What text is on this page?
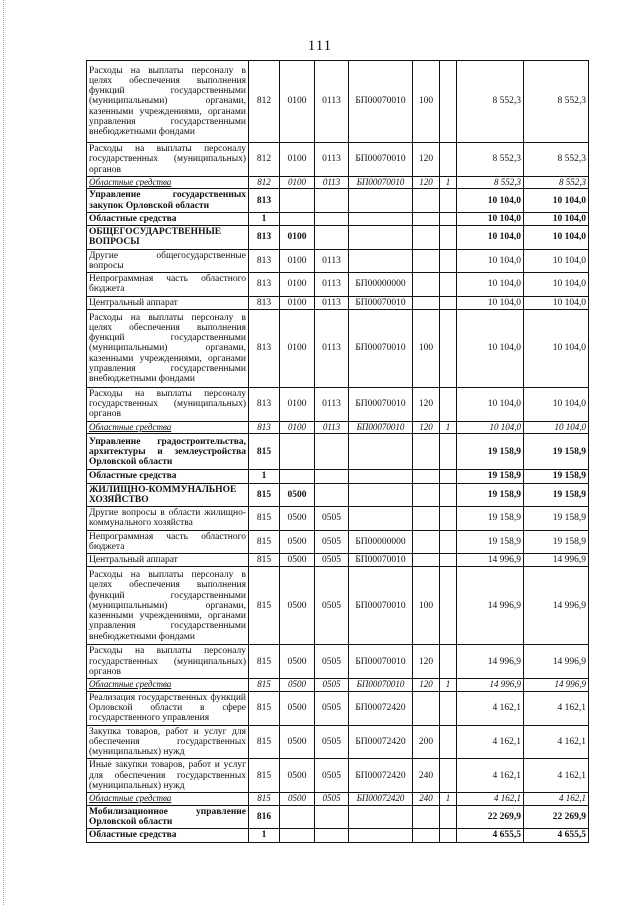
111
Расходы на выплаты персоналу в целях обеспечения выполнения функций государственными (муниципальными) органами, казенными учреждениями, органами управления государственными внебюджетными фондами	812	0100	0113	БП00070010	100		8 552,3	8 552,3
Расходы на выплаты персоналу государственных (муниципальных) органов	812	0100	0113	БП00070010	120		8 552,3	8 552,3
Областные средства	812	0100	0113	БП00070010	120	1	8 552,3	8 552,3
Управление государственных закупок Орловской области	813						10 104,0	10 104,0
Областные средства	1						10 104,0	10 104,0
ОБЩЕГОСУДАРСТВЕННЫЕ ВОПРОСЫ	813	0100					10 104,0	10 104,0
Другие общегосударственные вопросы	813	0100	0113				10 104,0	10 104,0
Непрограммная часть областного бюджета	813	0100	0113	БП00000000			10 104,0	10 104,0
Центральный аппарат	813	0100	0113	БП00070010			10 104,0	10 104,0
Расходы на выплаты персоналу в целях обеспечения выполнения функций государственными (муниципальными) органами, казенными учреждениями, органами управления государственными внебюджетными фондами	813	0100	0113	БП00070010	100		10 104,0	10 104,0
Расходы на выплаты персоналу государственных (муниципальных) органов	813	0100	0113	БП00070010	120		10 104,0	10 104,0
Областные средства	813	0100	0113	БП00070010	120	1	10 104,0	10 104,0
Управление градостроительства, архитектуры и землеустройства Орловской области	815						19 158,9	19 158,9
Областные средства	1						19 158,9	19 158,9
ЖИЛИЩНО-КОММУНАЛЬНОЕ ХОЗЯЙСТВО	815	0500					19 158,9	19 158,9
Другие вопросы в области жилищно-коммунального хозяйства	815	0500	0505				19 158,9	19 158,9
Непрограммная часть областного бюджета	815	0500	0505	БП00000000			19 158,9	19 158,9
Центральный аппарат	815	0500	0505	БП00070010			14 996,9	14 996,9
Расходы на выплаты персоналу в целях обеспечения выполнения функций государственными (муниципальными) органами, казенными учреждениями, органами управления государственными внебюджетными фондами	815	0500	0505	БП00070010	100		14 996,9	14 996,9
Расходы на выплаты персоналу государственных (муниципальных) органов	815	0500	0505	БП00070010	120		14 996,9	14 996,9
Областные средства	815	0500	0505	БП00070010	120	1	14 996,9	14 996,9
Реализация государственных функций Орловской области в сфере государственного управления	815	0500	0505	БП00072420			4 162,1	4 162,1
Закупка товаров, работ и услуг для обеспечения государственных (муниципальных) нужд	815	0500	0505	БП00072420	200		4 162,1	4 162,1
Иные закупки товаров, работ и услуг для обеспечения государственных (муниципальных) нужд	815	0500	0505	БП00072420	240		4 162,1	4 162,1
Областные средства	815	0500	0505	БП00072420	240	1	4 162,1	4 162,1
Мобилизационное управление Орловской области	816						22 269,9	22 269,9
Областные средства	1						4 655,5	4 655,5
